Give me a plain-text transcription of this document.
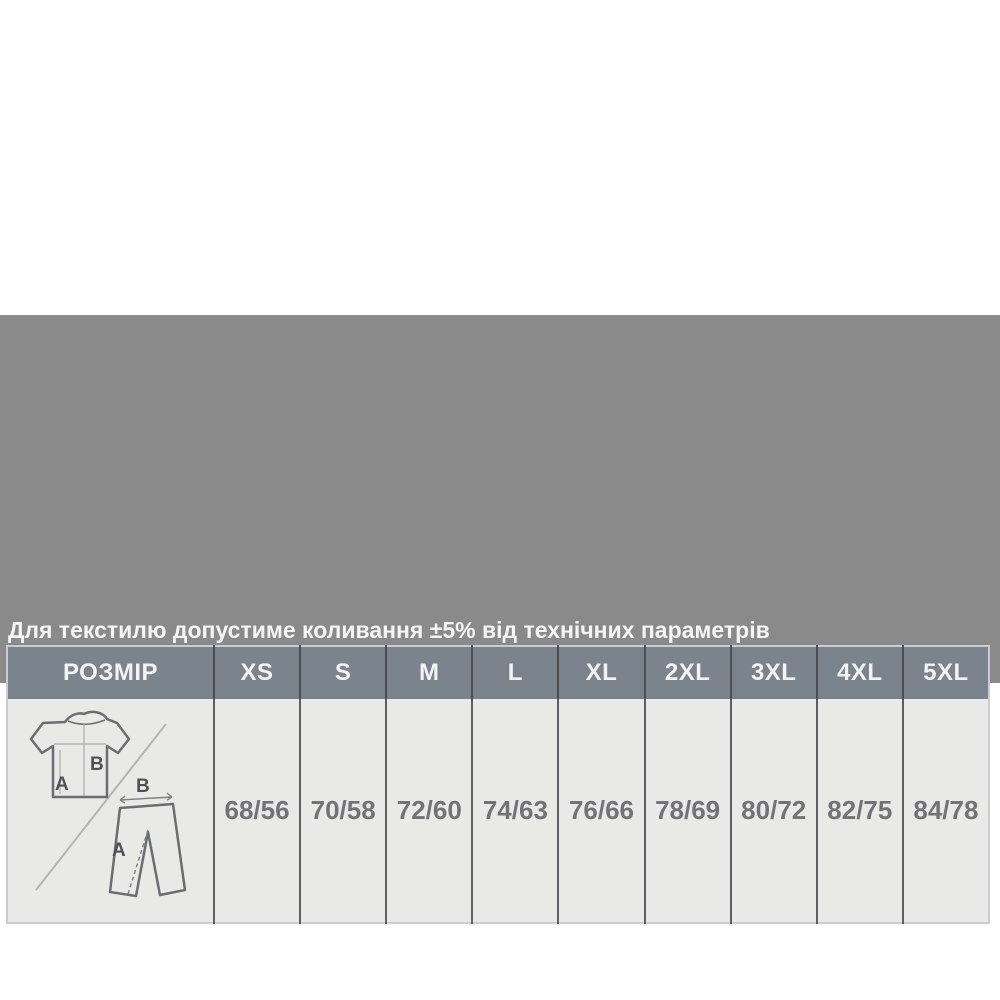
РОЗМІР	XS	S	M	L	XL	2XL	3XL	4XL	5XL

A
B
B
A	68/56	70/58	72/60	74/63	76/66	78/69	80/72	82/75	84/78
Для текстилю допустиме коливання ±5% від технічних параметрів
